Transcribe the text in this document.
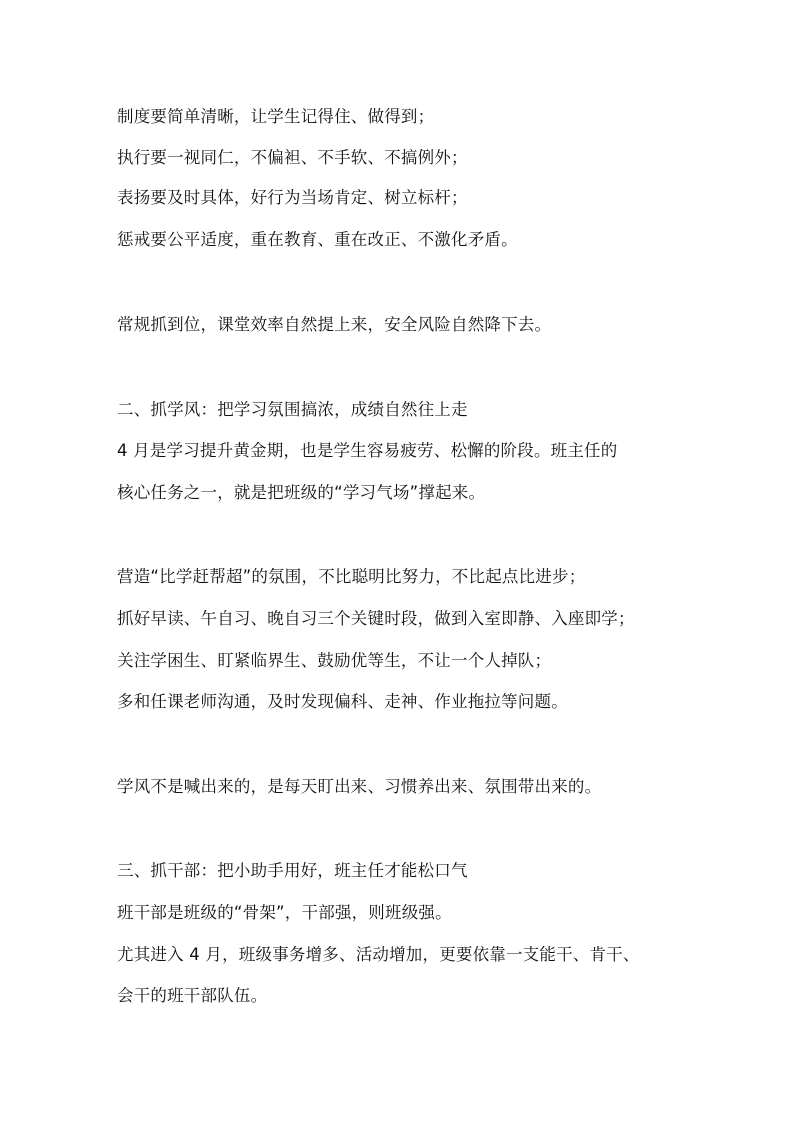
制度要简单清晰，让学生记得住、做得到；
执行要一视同仁，不偏袒、不手软、不搞例外；
表扬要及时具体，好行为当场肯定、树立标杆；
惩戒要公平适度，重在教育、重在改正、不激化矛盾。
常规抓到位，课堂效率自然提上来，安全风险自然降下去。
二、抓学风：把学习氛围搞浓，成绩自然往上走
4 月是学习提升黄金期，也是学生容易疲劳、松懈的阶段。班主任的
核心任务之一，就是把班级的“学习气场”撑起来。
营造“比学赶帮超”的氛围，不比聪明比努力，不比起点比进步；
抓好早读、午自习、晚自习三个关键时段，做到入室即静、入座即学；
关注学困生、盯紧临界生、鼓励优等生，不让一个人掉队；
多和任课老师沟通，及时发现偏科、走神、作业拖拉等问题。
学风不是喊出来的，是每天盯出来、习惯养出来、氛围带出来的。
三、抓干部：把小助手用好，班主任才能松口气
班干部是班级的“骨架”，干部强，则班级强。
尤其进入 4 月，班级事务增多、活动增加，更要依靠一支能干、肯干、
会干的班干部队伍。
